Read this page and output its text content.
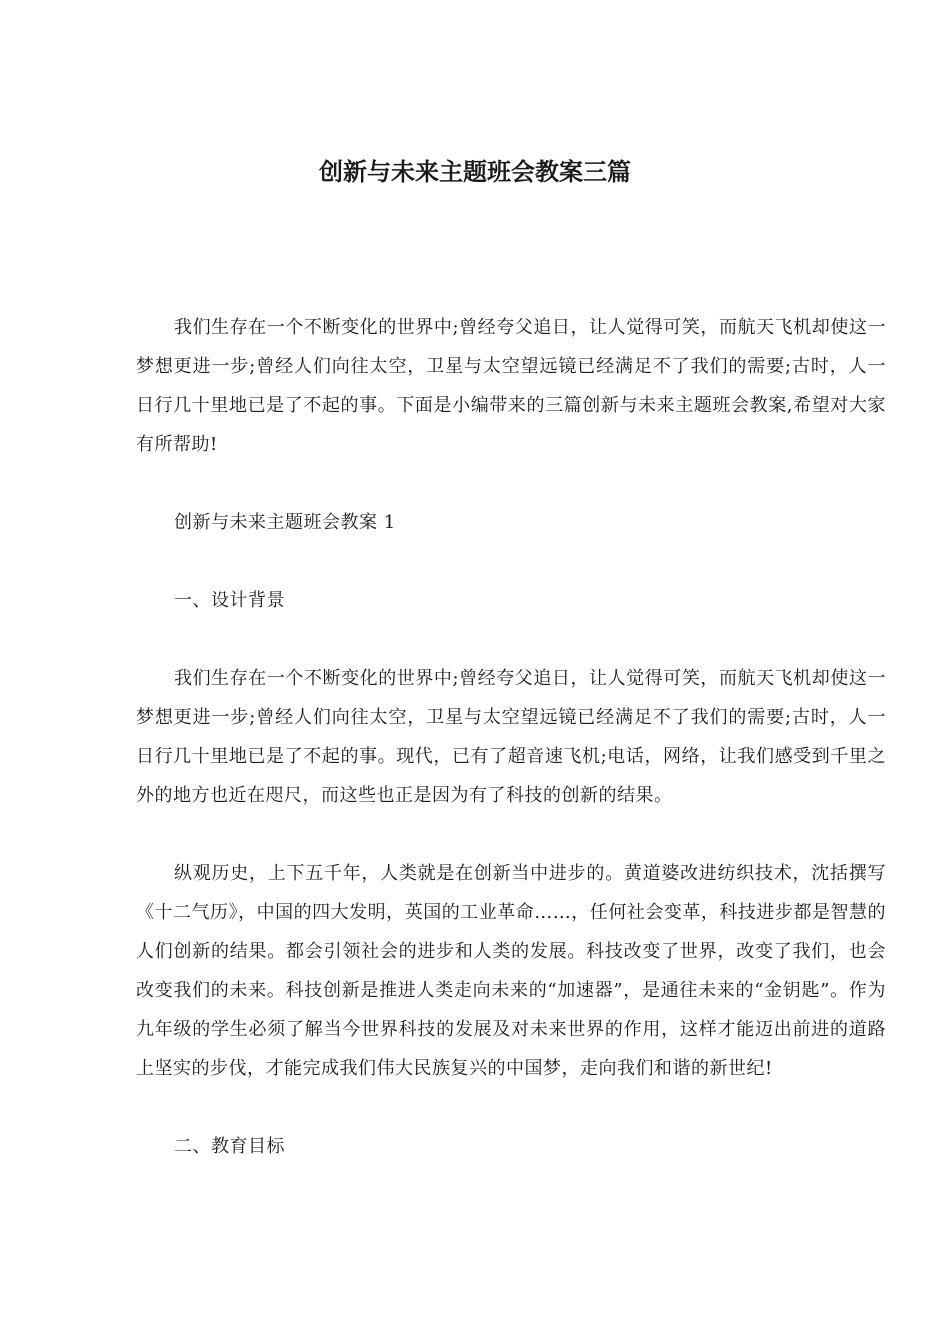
创新与未来主题班会教案三篇

我们生存在一个不断变化的世界中;曾经夸父追日，让人觉得可笑，而航天飞机却使这一梦想更进一步;曾经人们向往太空，卫星与太空望远镜已经满足不了我们的需要;古时，人一日行几十里地已是了不起的事。下面是小编带来的三篇创新与未来主题班会教案,希望对大家有所帮助!

创新与未来主题班会教案 1

一、设计背景

我们生存在一个不断变化的世界中;曾经夸父追日，让人觉得可笑，而航天飞机却使这一梦想更进一步;曾经人们向往太空，卫星与太空望远镜已经满足不了我们的需要;古时，人一日行几十里地已是了不起的事。现代，已有了超音速飞机;电话，网络，让我们感受到千里之外的地方也近在咫尺，而这些也正是因为有了科技的创新的结果。

纵观历史，上下五千年，人类就是在创新当中进步的。黄道婆改进纺织技术，沈括撰写《十二气历》，中国的四大发明，英国的工业革命……，任何社会变革，科技进步都是智慧的人们创新的结果。都会引领社会的进步和人类的发展。科技改变了世界，改变了我们，也会改变我们的未来。科技创新是推进人类走向未来的“加速器”，是通往未来的“金钥匙”。作为九年级的学生必须了解当今世界科技的发展及对未来世界的作用，这样才能迈出前进的道路上坚实的步伐，才能完成我们伟大民族复兴的中国梦，走向我们和谐的新世纪!

二、教育目标
